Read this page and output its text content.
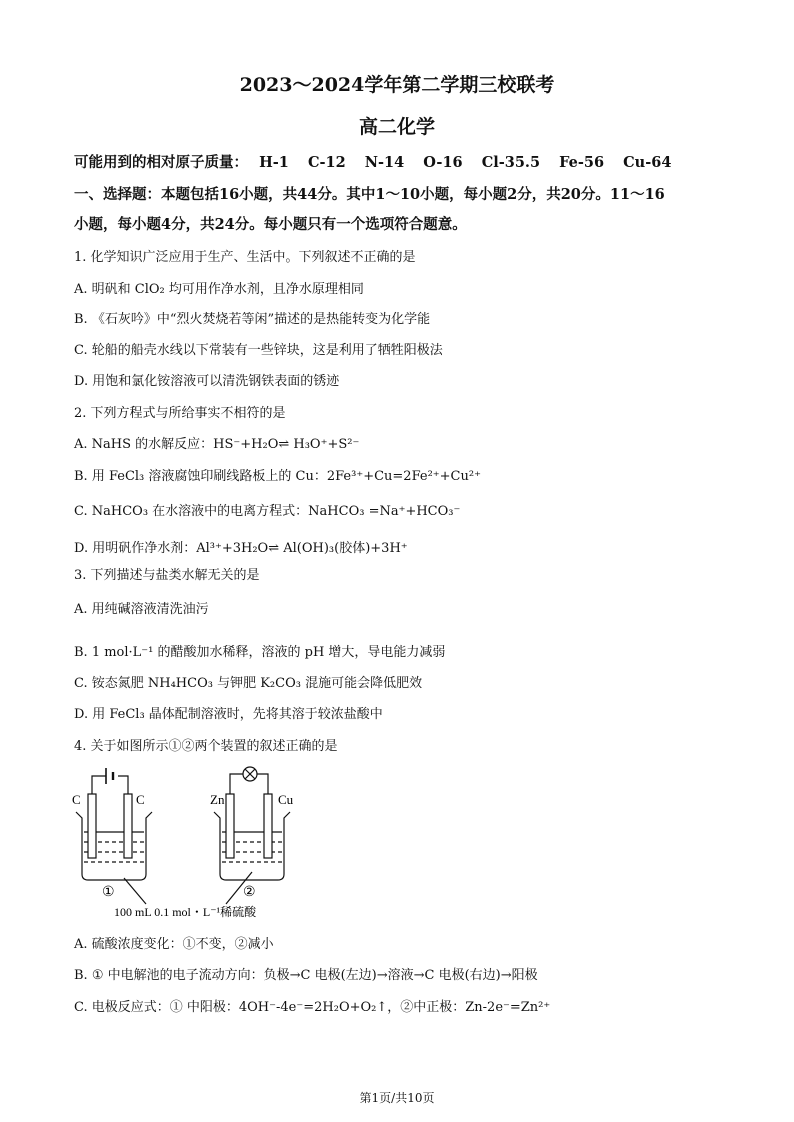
2023～2024学年第二学期三校联考
高二化学
可能用到的相对原子质量： H-1 C-12 N-14 O-16 Cl-35.5 Fe-56 Cu-64
一、选择题：本题包括16小题，共44分。其中1～10小题，每小题2分，共20分。11～16
小题，每小题4分，共24分。每小题只有一个选项符合题意。
1. 化学知识广泛应用于生产、生活中。下列叙述不正确的是
A. 明矾和 ClO₂ 均可用作净水剂，且净水原理相同
B. 《石灰吟》中“烈火焚烧若等闲”描述的是热能转变为化学能
C. 轮船的船壳水线以下常装有一些锌块，这是利用了牺牲阳极法
D. 用饱和氯化铵溶液可以清洗钢铁表面的锈迹
2. 下列方程式与所给事实不相符的是
A. NaHS 的水解反应：HS⁻+H₂O⇌ H₃O⁺+S²⁻
B. 用 FeCl₃ 溶液腐蚀印刷线路板上的 Cu：2Fe³⁺+Cu=2Fe²⁺+Cu²⁺
C. NaHCO₃ 在水溶液中的电离方程式：NaHCO₃ =Na⁺+HCO₃⁻
D. 用明矾作净水剂：Al³⁺+3H₂O⇌ Al(OH)₃(胶体)+3H⁺
3. 下列描述与盐类水解无关的是
A. 用纯碱溶液清洗油污
B. 1 mol·L⁻¹ 的醋酸加水稀释，溶液的 pH 增大，导电能力减弱
C. 铵态氮肥 NH₄HCO₃ 与钾肥 K₂CO₃ 混施可能会降低肥效
D. 用 FeCl₃ 晶体配制溶液时，先将其溶于较浓盐酸中
4. 关于如图所示①②两个装置的叙述正确的是
C	C	Zn	Cu
①	②
100 mL 0.1 mol・L⁻¹稀硫酸
A. 硫酸浓度变化：①不变，②减小
B. ① 中电解池的电子流动方向：负极→C 电极(左边)→溶液→C 电极(右边)→阳极
C. 电极反应式：① 中阳极：4OH⁻-4e⁻=2H₂O+O₂↑，②中正极：Zn-2e⁻=Zn²⁺
第1页/共10页
